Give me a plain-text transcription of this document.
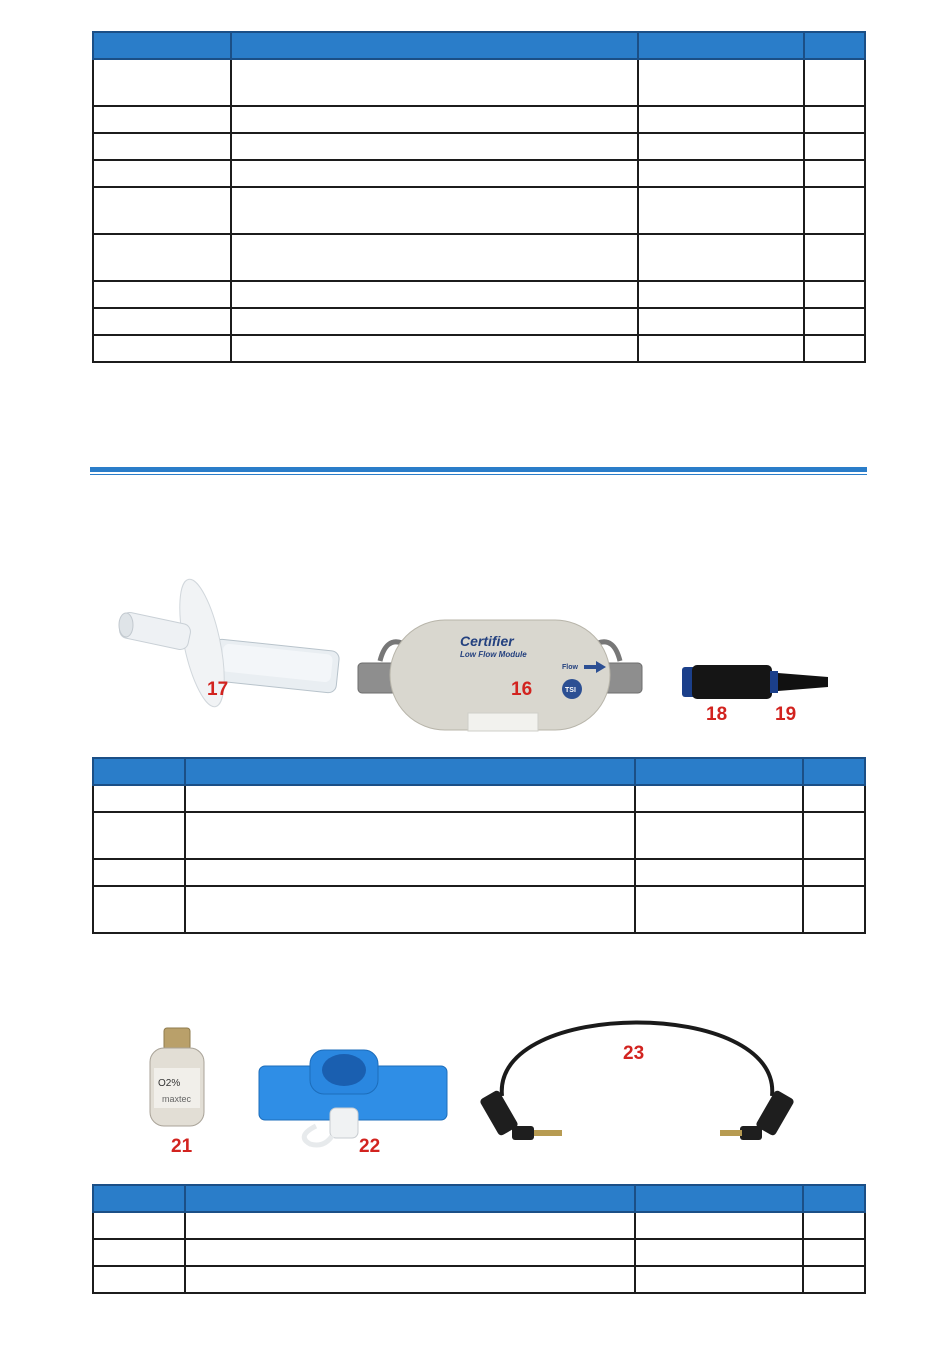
17
Certifier
Low Flow Module
Flow
TSI
16
18	19

O2%
maxtec
21	22
23
